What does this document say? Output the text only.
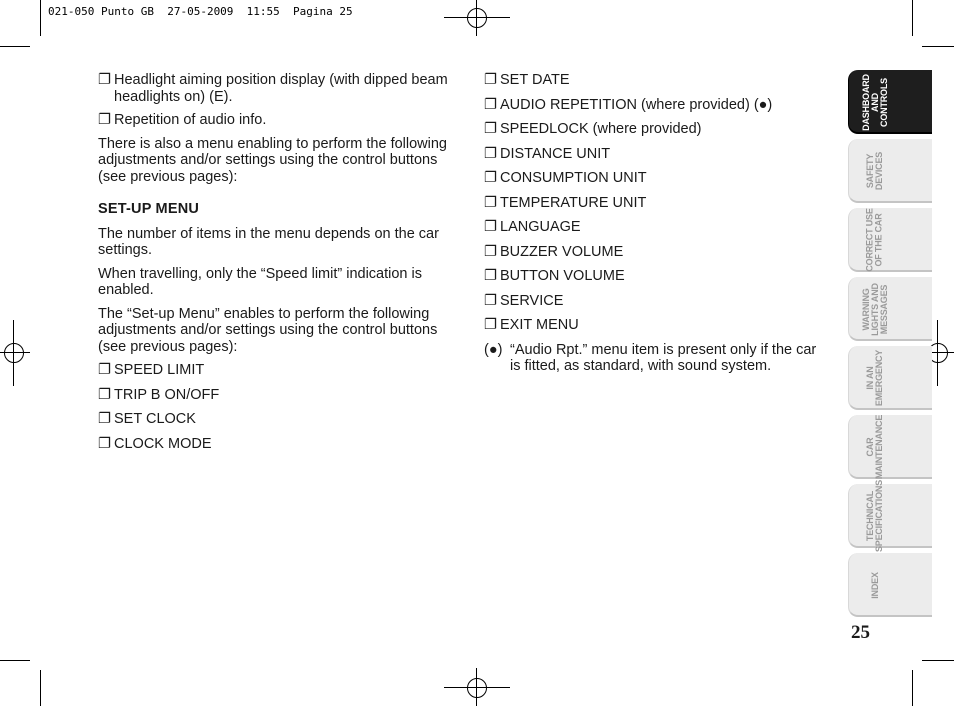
021-050 Punto GB  27-05-2009  11:55  Pagina 25
❐ Headlight aiming position display (with dipped beam headlights on) (E).
❐ Repetition of audio info.

There is also a menu enabling to perform the following adjustments and/or settings using the control buttons (see previous pages):

SET-UP MENU

The number of items in the menu depends on the car settings.

When travelling, only the “Speed limit” indication is enabled.

The “Set-up Menu” enables to perform the following adjustments and/or settings using the control buttons (see previous pages):

❐ SPEED LIMIT
❐ TRIP B ON/OFF
❐ SET CLOCK
❐ CLOCK MODE
❐ SET DATE
❐ AUDIO REPETITION (where provided) (●)
❐ SPEEDLOCK (where provided)
❐ DISTANCE UNIT
❐ CONSUMPTION UNIT
❐ TEMPERATURE UNIT
❐ LANGUAGE
❐ BUZZER VOLUME
❐ BUTTON VOLUME
❐ SERVICE
❐ EXIT MENU
(●) “Audio Rpt.” menu item is present only if the car is fitted, as standard, with sound system.
DASHBOARD
AND
CONTROLS
SAFETY
DEVICES
CORRECT USE
OF THE CAR
WARNING
LIGHTS AND
MESSAGES
IN AN
EMERGENCY
CAR
MAINTENANCE
TECHNICAL
SPECIFICATIONS
INDEX
25
